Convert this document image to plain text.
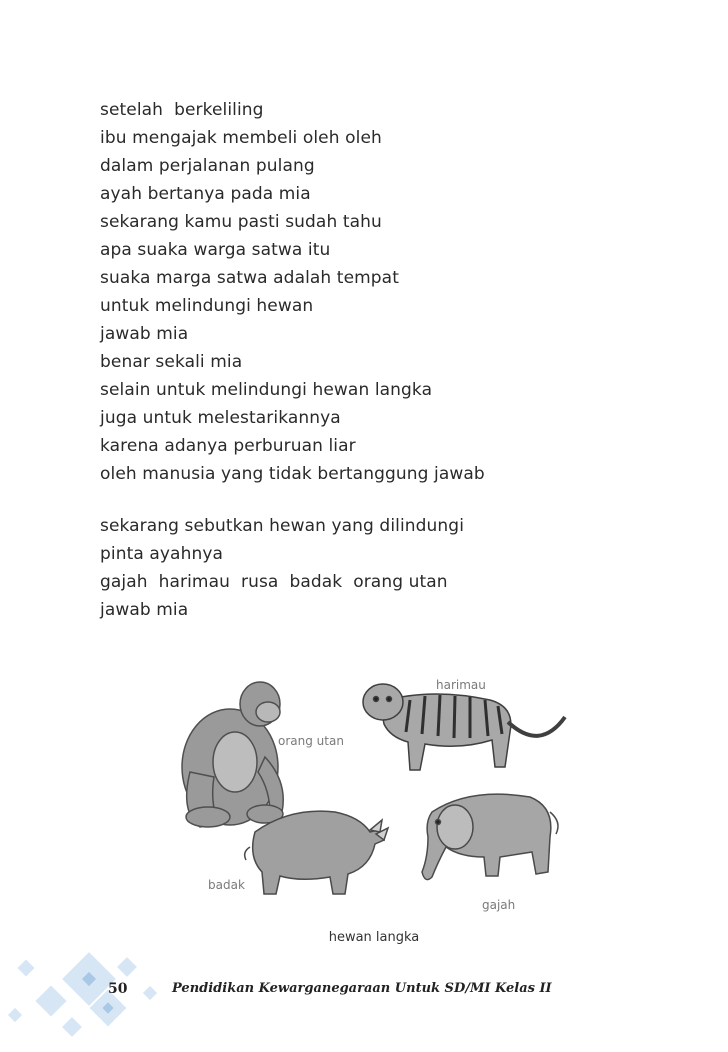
setelah  berkeliling
ibu mengajak membeli oleh oleh
dalam perjalanan pulang
ayah bertanya pada mia
sekarang kamu pasti sudah tahu
apa suaka warga satwa itu
suaka marga satwa adalah tempat
untuk melindungi hewan
jawab mia
benar sekali mia
selain untuk melindungi hewan langka
juga untuk melestarikannya
karena adanya perburuan liar
oleh manusia yang tidak bertanggung jawab
sekarang sebutkan hewan yang dilindungi
pinta ayahnya
gajah  harimau  rusa  badak  orang utan
jawab mia
orang utan
harimau
badak
gajah
hewan langka
50	Pendidikan Kewarganegaraan Untuk SD/MI Kelas II
